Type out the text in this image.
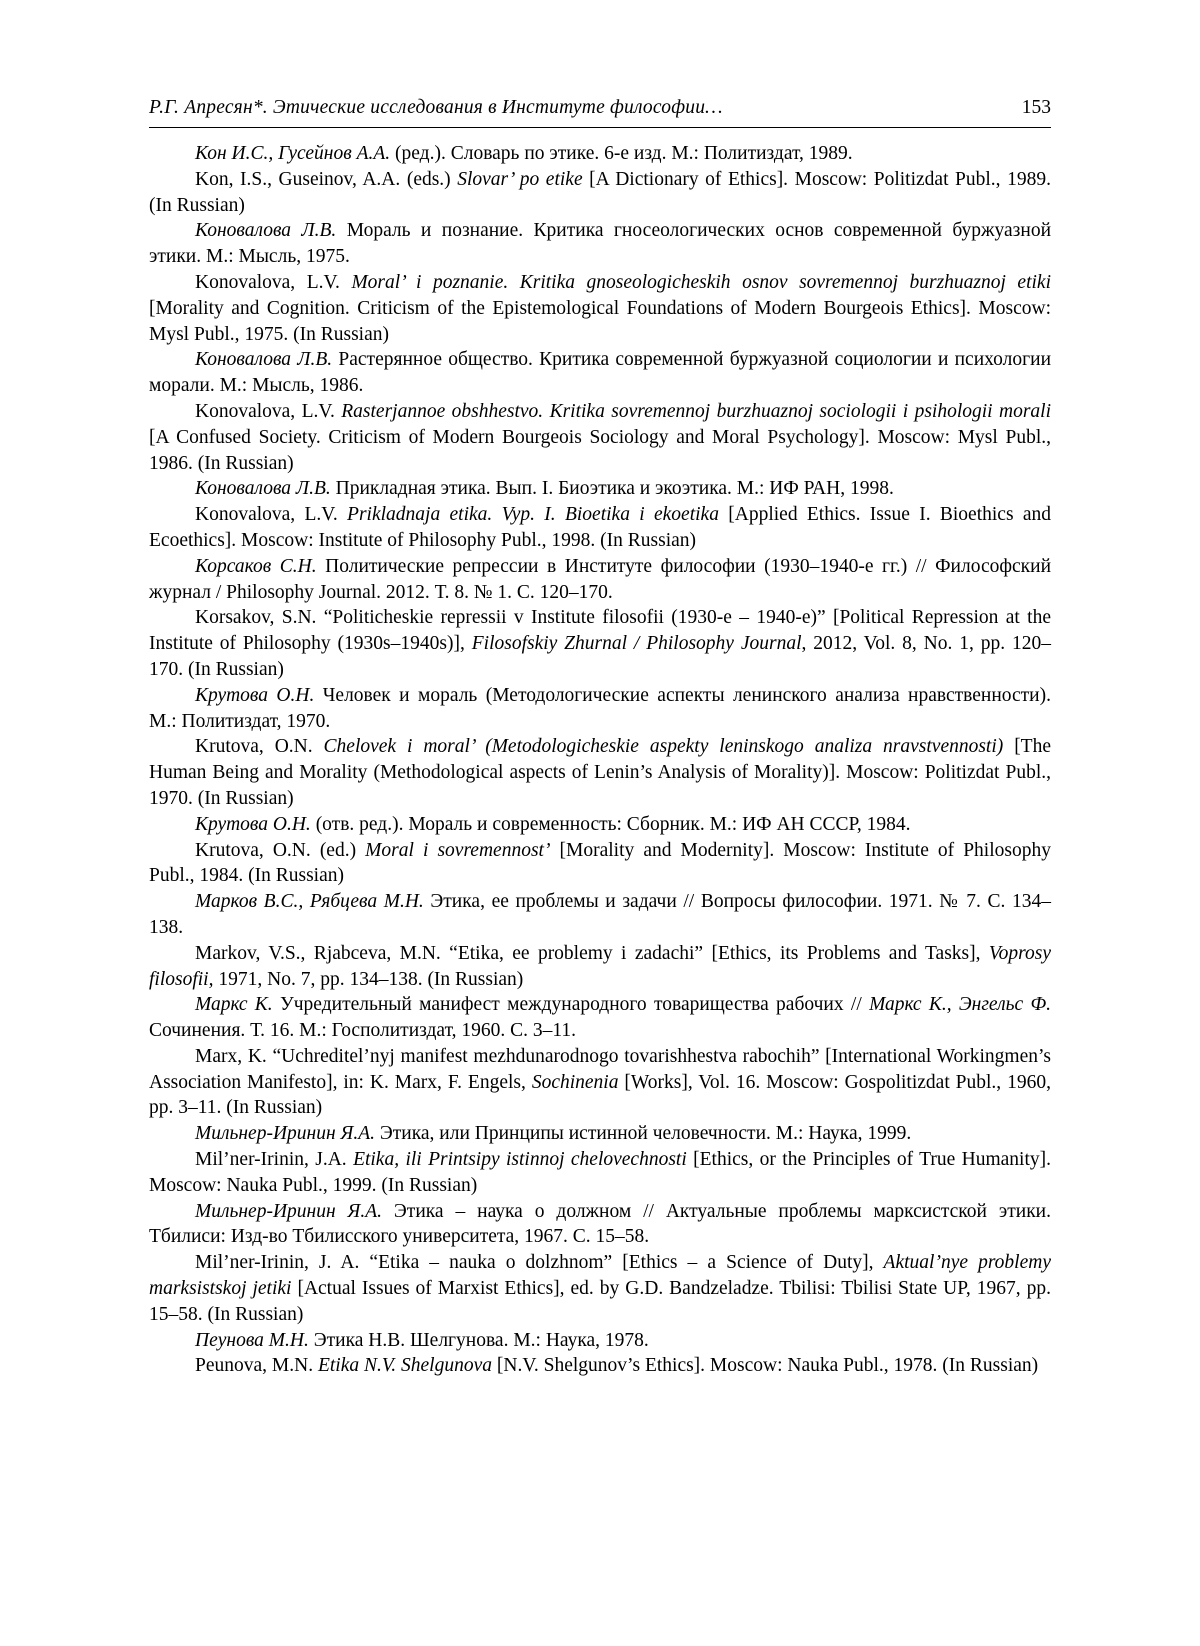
Р.Г. Апресян*. Этические исследования в Институте философии…	153

Кон И.С., Гусейнов А.А. (ред.). Словарь по этике. 6-е изд. М.: Политиздат, 1989.

Kon, I.S., Guseinov, A.A. (eds.) Slovar’ po etike [A Dictionary of Ethics]. Moscow: Politizdat Publ., 1989. (In Russian)

Коновалова Л.В. Мораль и познание. Критика гносеологических основ современной буржуазной этики. М.: Мысль, 1975.

Konovalova, L.V. Moral’ i poznanie. Kritika gnoseologicheskih osnov sovremennoj burzhuaznoj etiki [Morality and Cognition. Criticism of the Epistemological Foundations of Modern Bourgeois Ethics]. Moscow: Mysl Publ., 1975. (In Russian)

Коновалова Л.В. Растерянное общество. Критика современной буржуазной социологии и психологии морали. М.: Мысль, 1986.

Konovalova, L.V. Rasterjannoe obshhestvo. Kritika sovremennoj burzhuaznoj sociologii i psihologii morali [A Confused Society. Criticism of Modern Bourgeois Sociology and Moral Psychology]. Moscow: Mysl Publ., 1986. (In Russian)

Коновалова Л.В. Прикладная этика. Вып. I. Биоэтика и экоэтика. М.: ИФ РАН, 1998.

Konovalova, L.V. Prikladnaja etika. Vyp. I. Bioetika i ekoetika [Applied Ethics. Issue I. Bioethics and Ecoethics]. Moscow: Institute of Philosophy Publ., 1998. (In Russian)

Корсаков С.Н. Политические репрессии в Институте философии (1930–1940-е гг.) // Философский журнал / Philosophy Journal. 2012. Т. 8. № 1. С. 120–170.

Korsakov, S.N. “Politicheskie repressii v Institute filosofii (1930-e – 1940-e)” [Political Repression at the Institute of Philosophy (1930s–1940s)], Filosofskiy Zhurnal / Philosophy Journal, 2012, Vol. 8, No. 1, pp. 120–170. (In Russian)

Крутова О.Н. Человек и мораль (Методологические аспекты ленинского анализа нравственности). М.: Политиздат, 1970.

Krutova, O.N. Chelovek i moral’ (Metodologicheskie aspekty leninskogo analiza nravstvennosti) [The Human Being and Morality (Methodological aspects of Lenin’s Analysis of Morality)]. Moscow: Politizdat Publ., 1970. (In Russian)

Крутова О.Н. (отв. ред.). Мораль и современность: Сборник. М.: ИФ АН СССР, 1984.

Krutova, O.N. (ed.) Moral i sovremennost’ [Morality and Modernity]. Moscow: Institute of Philosophy Publ., 1984. (In Russian)

Марков В.С., Рябцева М.Н. Этика, ее проблемы и задачи // Вопросы философии. 1971. № 7. С. 134–138.

Markov, V.S., Rjabceva, M.N. “Etika, ee problemy i zadachi” [Ethics, its Problems and Tasks], Voprosy filosofii, 1971, No. 7, pp. 134–138. (In Russian)

Маркс К. Учредительный манифест международного товарищества рабочих // Маркс К., Энгельс Ф. Сочинения. Т. 16. М.: Госполитиздат, 1960. С. 3–11.

Marx, K. “Uchreditel’nyj manifest mezhdunarodnogo tovarishhestva rabochih” [International Workingmen’s Association Manifesto], in: K. Marx, F. Engels, Sochinenia [Works], Vol. 16. Moscow: Gospolitizdat Publ., 1960, pp. 3–11. (In Russian)

Мильнер-Иринин Я.А. Этика, или Принципы истинной человечности. М.: Наука, 1999.

Mil’ner-Irinin, J.A. Etika, ili Printsipy istinnoj chelovechnosti [Ethics, or the Principles of True Humanity]. Moscow: Nauka Publ., 1999. (In Russian)

Мильнер-Иринин Я.А. Этика – наука о должном // Актуальные проблемы марксистской этики. Тбилиси: Изд-во Тбилисского университета, 1967. С. 15–58.

Mil’ner-Irinin, J. A. “Etika – nauka o dolzhnom” [Ethics – a Science of Duty], Aktual’nye problemy marksistskoj jetiki [Actual Issues of Marxist Ethics], ed. by G.D. Bandzeladze. Tbilisi: Tbilisi State UP, 1967, pp. 15–58. (In Russian)

Пеунова М.Н. Этика Н.В. Шелгунова. М.: Наука, 1978.

Peunova, M.N. Etika N.V. Shelgunova [N.V. Shelgunov’s Ethics]. Moscow: Nauka Publ., 1978. (In Russian)
